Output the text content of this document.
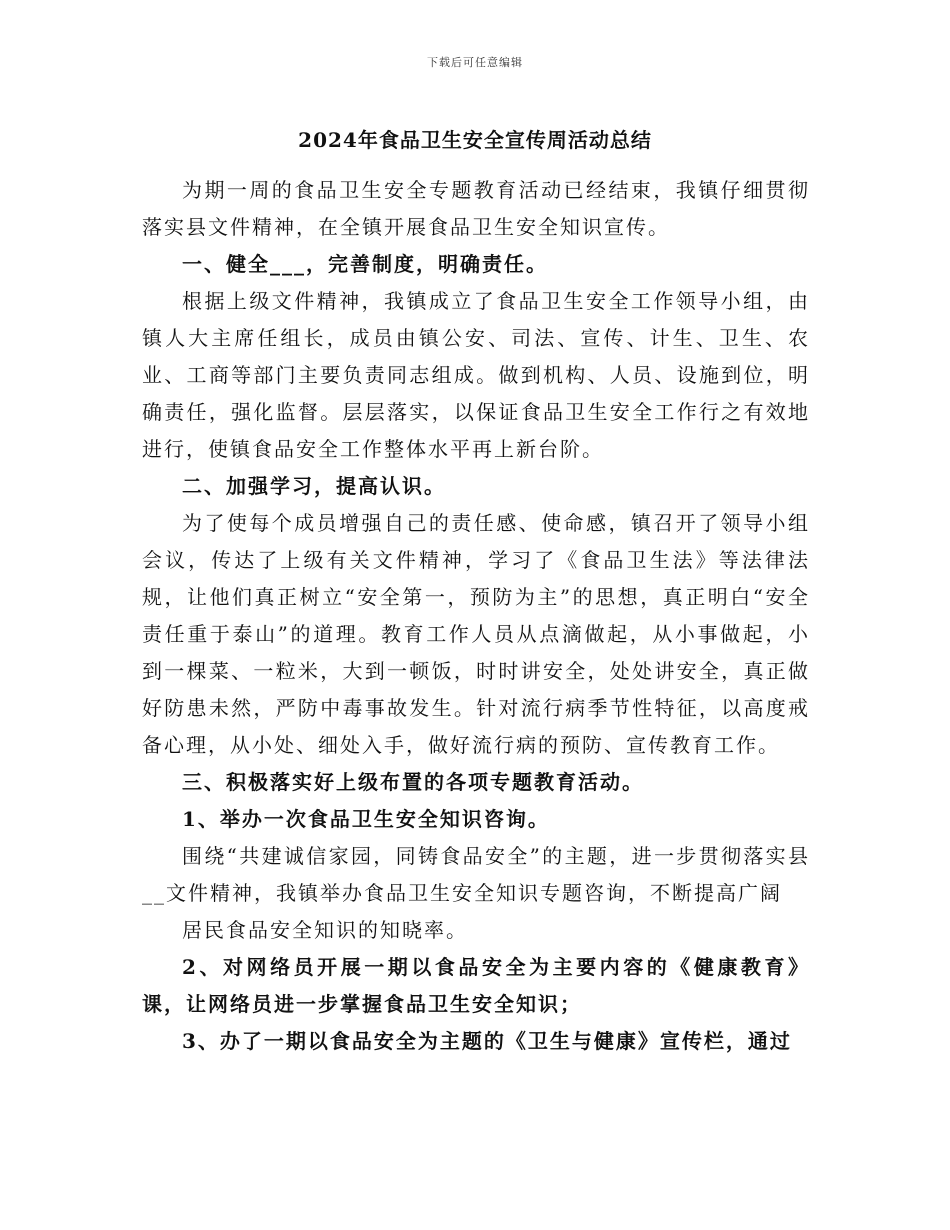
下载后可任意编辑
2024年食品卫生安全宣传周活动总结

为期一周的食品卫生安全专题教育活动已经结束，我镇仔细贯彻落实县文件精神，在全镇开展食品卫生安全知识宣传。

一、健全___，完善制度，明确责任。

根据上级文件精神，我镇成立了食品卫生安全工作领导小组，由镇人大主席任组长，成员由镇公安、司法、宣传、计生、卫生、农业、工商等部门主要负责同志组成。做到机构、人员、设施到位，明确责任，强化监督。层层落实，以保证食品卫生安全工作行之有效地进行，使镇食品安全工作整体水平再上新台阶。

二、加强学习，提高认识。

为了使每个成员增强自己的责任感、使命感，镇召开了领导小组会议，传达了上级有关文件精神，学习了《食品卫生法》等法律法规，让他们真正树立“安全第一，预防为主”的思想，真正明白“安全责任重于泰山”的道理。教育工作人员从点滴做起，从小事做起，小到一棵菜、一粒米，大到一顿饭，时时讲安全，处处讲安全，真正做好防患未然，严防中毒事故发生。针对流行病季节性特征，以高度戒备心理，从小处、细处入手，做好流行病的预防、宣传教育工作。

三、积极落实好上级布置的各项专题教育活动。

1、举办一次食品卫生安全知识咨询。

围绕“共建诚信家园，同铸食品安全”的主题，进一步贯彻落实县__文件精神，我镇举办食品卫生安全知识专题咨询，不断提高广阔

居民食品安全知识的知晓率。

2、对网络员开展一期以食品安全为主要内容的《健康教育》课，让网络员进一步掌握食品卫生安全知识；

3、办了一期以食品安全为主题的《卫生与健康》宣传栏，通过
